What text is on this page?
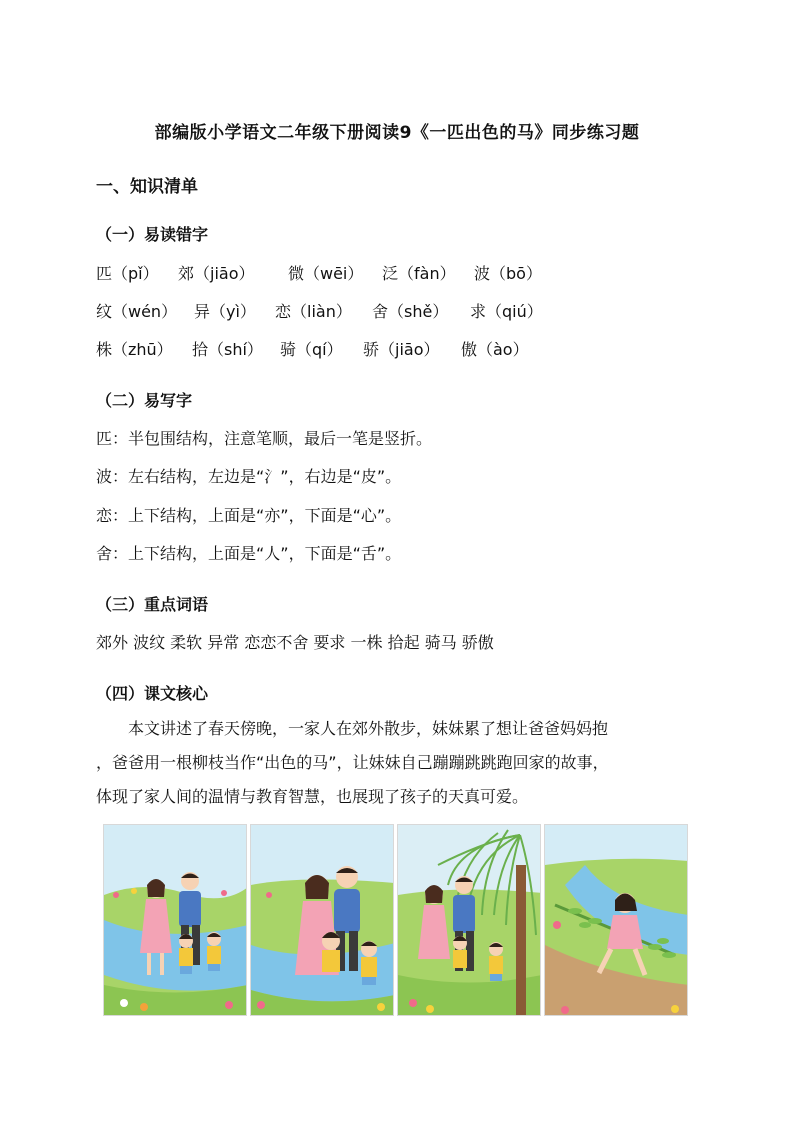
部编版小学语文二年级下册阅读9《一匹出色的马》同步练习题
一、知识清单
（一）易读错字
匹（pǐ）	郊（jiāo）	微（wēi）	泛（fàn）	波（bō）
纹（wén）	异（yì）	恋（liàn）	舍（shě）	求（qiú）
株（zhū）	拾（shí）	骑（qí）	骄（jiāo）	傲（ào）
（二）易写字
匹：半包围结构，注意笔顺，最后一笔是竖折。
波：左右结构，左边是“氵”，右边是“皮”。
恋：上下结构，上面是“亦”，下面是“心”。
舍：上下结构，上面是“人”，下面是“舌”。
（三）重点词语
郊外 波纹 柔软 异常 恋恋不舍 要求 一株 拾起 骑马 骄傲
（四）课文核心
本文讲述了春天傍晚，一家人在郊外散步，妹妹累了想让爸爸妈妈抱
，爸爸用一根柳枝当作“出色的马”，让妹妹自己蹦蹦跳跳跑回家的故事，
体现了家人间的温情与教育智慧，也展现了孩子的天真可爱。
